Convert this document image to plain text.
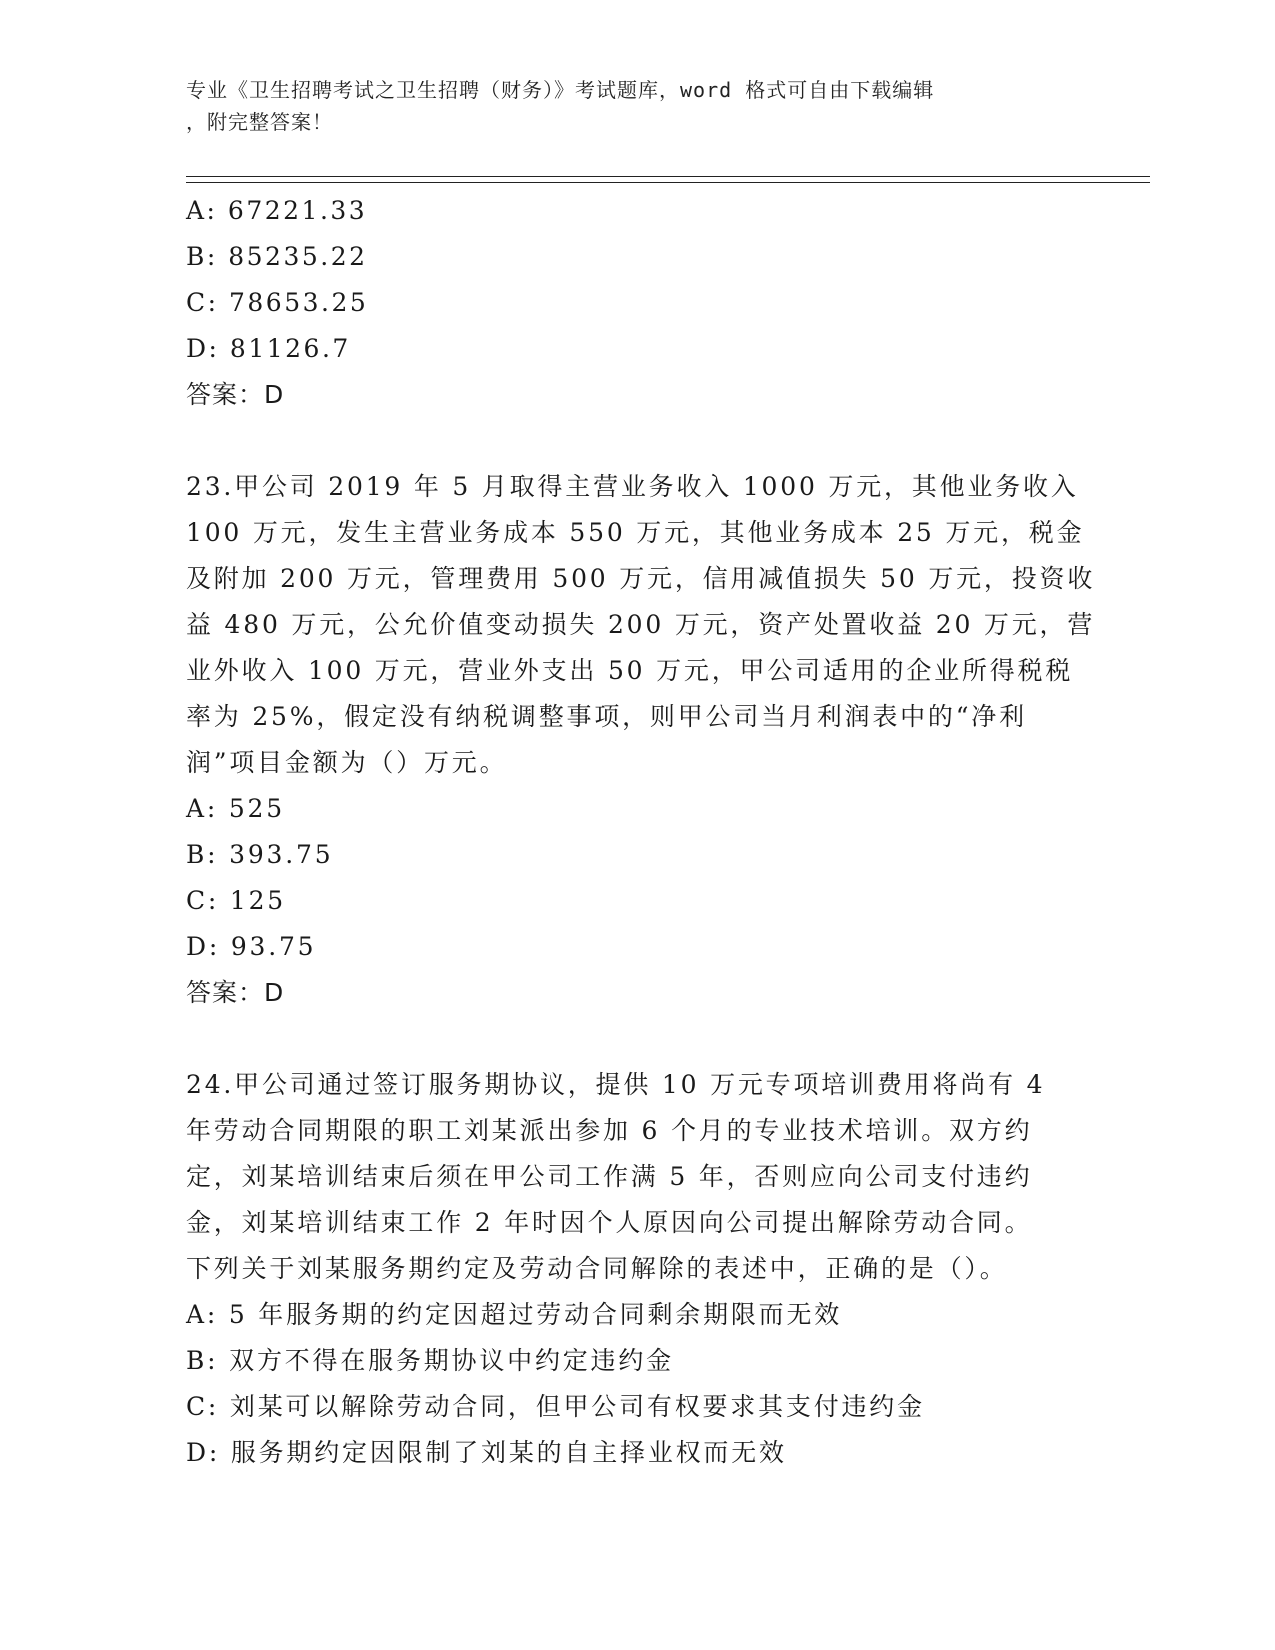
专业《卫生招聘考试之卫生招聘（财务）》考试题库，word 格式可自由下载编辑
，附完整答案！
A: 67221.33
B: 85235.22
C: 78653.25
D: 81126.7
答案：D
23.甲公司 2019 年 5 月取得主营业务收入 1000 万元，其他业务收入
100 万元，发生主营业务成本 550 万元，其他业务成本 25 万元，税金
及附加 200 万元，管理费用 500 万元，信用减值损失 50 万元，投资收
益 480 万元，公允价值变动损失 200 万元，资产处置收益 20 万元，营
业外收入 100 万元，营业外支出 50 万元，甲公司适用的企业所得税税
率为 25%，假定没有纳税调整事项，则甲公司当月利润表中的“净利
润”项目金额为（）万元。
A: 525
B: 393.75
C: 125
D: 93.75
答案：D
24.甲公司通过签订服务期协议，提供 10 万元专项培训费用将尚有 4
年劳动合同期限的职工刘某派出参加 6 个月的专业技术培训。双方约
定，刘某培训结束后须在甲公司工作满 5 年，否则应向公司支付违约
金，刘某培训结束工作 2 年时因个人原因向公司提出解除劳动合同。
下列关于刘某服务期约定及劳动合同解除的表述中，正确的是（）。
A: 5 年服务期的约定因超过劳动合同剩余期限而无效
B: 双方不得在服务期协议中约定违约金
C: 刘某可以解除劳动合同，但甲公司有权要求其支付违约金
D: 服务期约定因限制了刘某的自主择业权而无效
